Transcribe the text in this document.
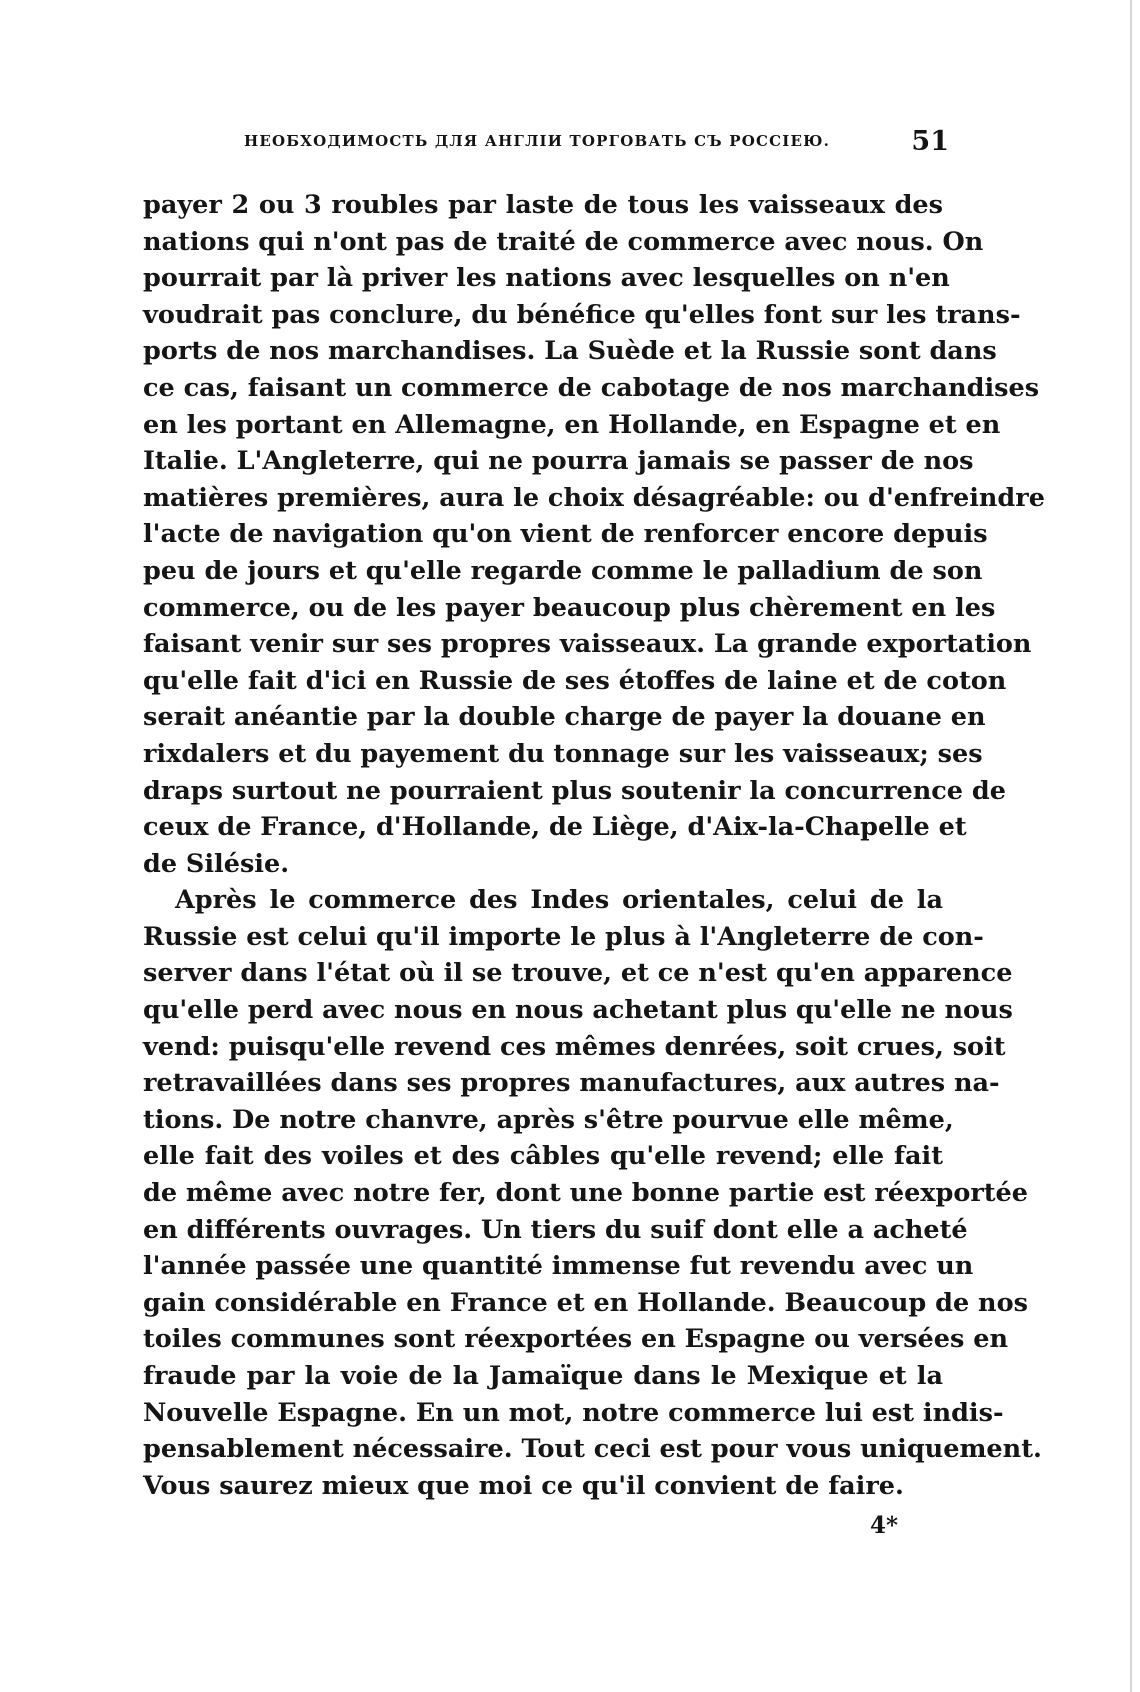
НЕОБХОДИМОСТЬ ДЛЯ АНГЛІИ ТОРГОВАТЬ СЪ РОССІЕЮ.	51
payer 2 ou 3 roubles par laste de tous les vaisseaux des
nations qui n'ont pas de traité de commerce avec nous. On
pourrait par là priver les nations avec lesquelles on n'en
voudrait pas conclure, du bénéfice qu'elles font sur les trans-
ports de nos marchandises. La Suède et la Russie sont dans
ce cas, faisant un commerce de cabotage de nos marchandises
en les portant en Allemagne, en Hollande, en Espagne et en
Italie. L'Angleterre, qui ne pourra jamais se passer de nos
matières premières, aura le choix désagréable: ou d'enfreindre
l'acte de navigation qu'on vient de renforcer encore depuis
peu de jours et qu'elle regarde comme le palladium de son
commerce, ou de les payer beaucoup plus chèrement en les
faisant venir sur ses propres vaisseaux. La grande exportation
qu'elle fait d'ici en Russie de ses étoffes de laine et de coton
serait anéantie par la double charge de payer la douane en
rixdalers et du payement du tonnage sur les vaisseaux; ses
draps surtout ne pourraient plus soutenir la concurrence de
ceux de France, d'Hollande, de Liège, d'Aix-la-Chapelle et
de Silésie.
Après le commerce des Indes orientales, celui de la
Russie est celui qu'il importe le plus à l'Angleterre de con-
server dans l'état où il se trouve, et ce n'est qu'en apparence
qu'elle perd avec nous en nous achetant plus qu'elle ne nous
vend: puisqu'elle revend ces mêmes denrées, soit crues, soit
retravaillées dans ses propres manufactures, aux autres na-
tions. De notre chanvre, après s'être pourvue elle même,
elle fait des voiles et des câbles qu'elle revend; elle fait
de même avec notre fer, dont une bonne partie est réexportée
en différents ouvrages. Un tiers du suif dont elle a acheté
l'année passée une quantité immense fut revendu avec un
gain considérable en France et en Hollande. Beaucoup de nos
toiles communes sont réexportées en Espagne ou versées en
fraude par la voie de la Jamaïque dans le Mexique et la
Nouvelle Espagne. En un mot, notre commerce lui est indis-
pensablement nécessaire. Tout ceci est pour vous uniquement.
Vous saurez mieux que moi ce qu'il convient de faire.
4*
